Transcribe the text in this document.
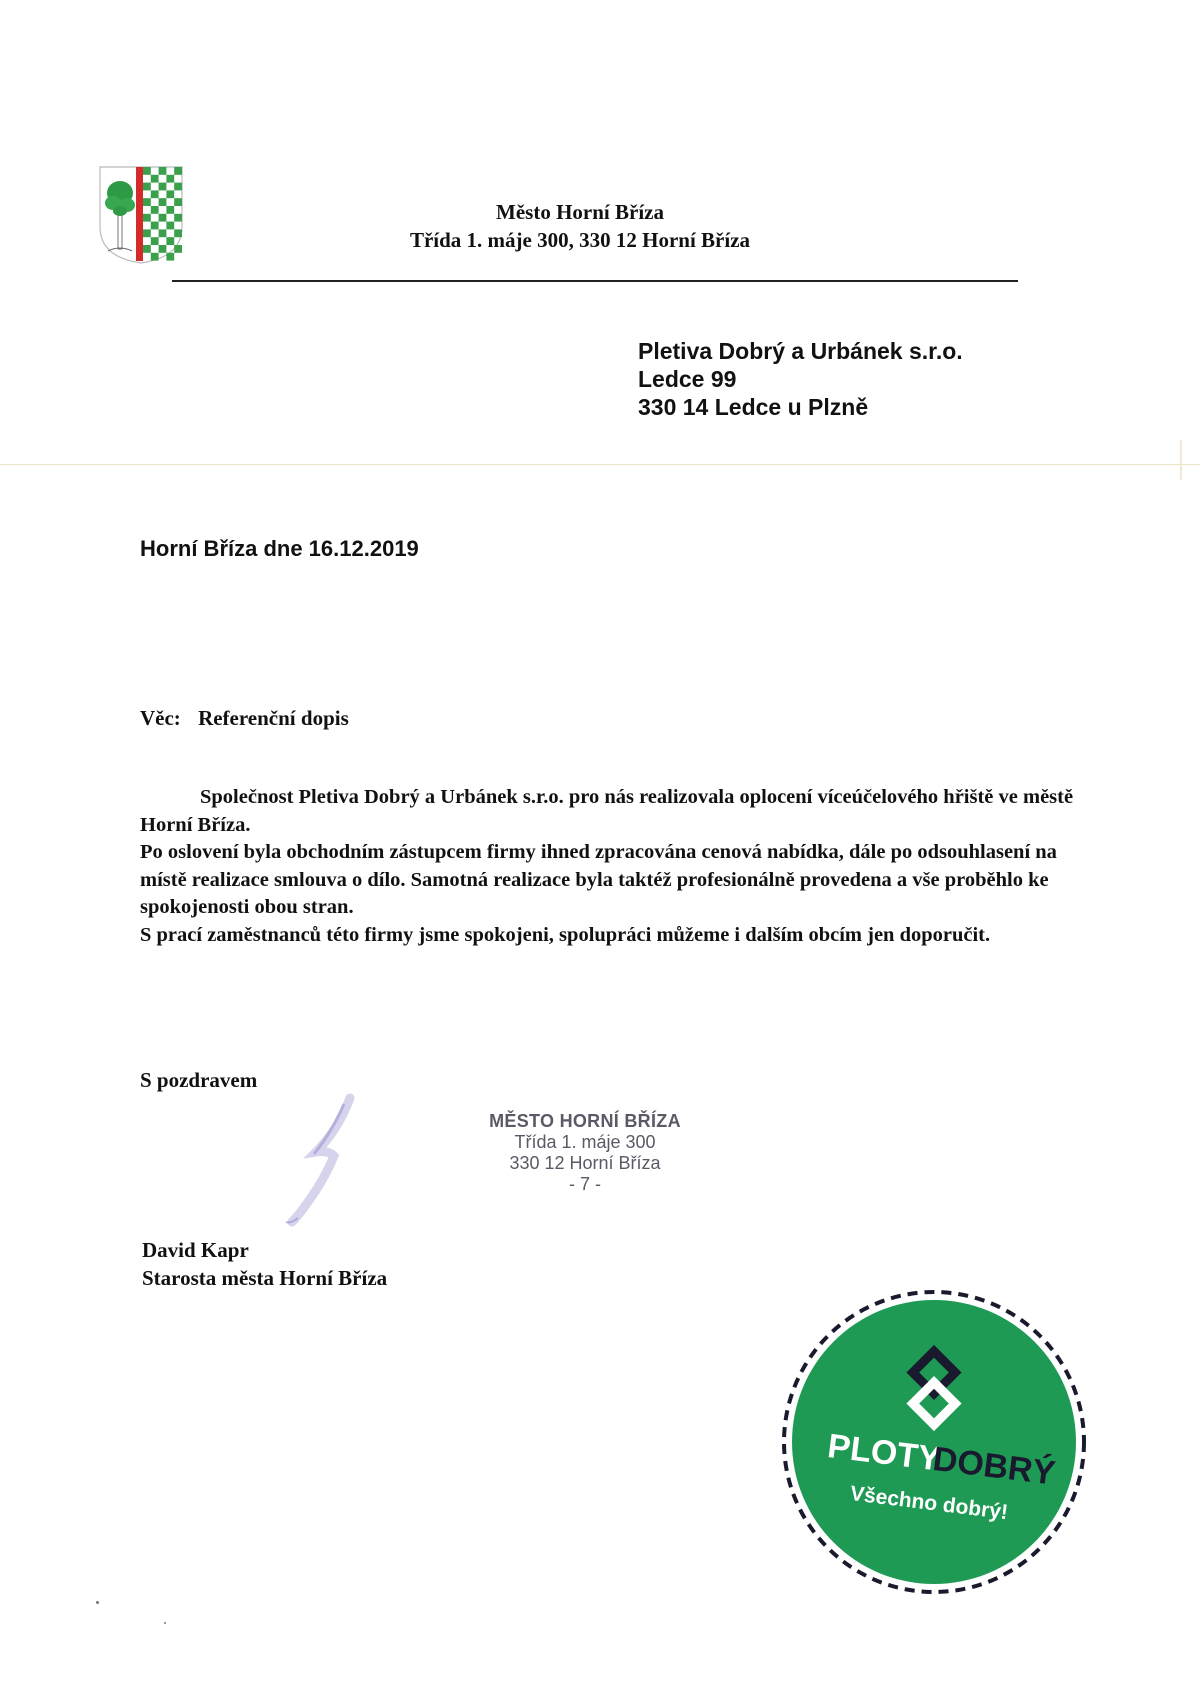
Město Horní Bříza
Třída 1. máje 300, 330 12 Horní Bříza
Pletiva Dobrý a Urbánek s.r.o.
Ledce 99
330 14 Ledce u Plzně
Horní Bříza dne 16.12.2019
Věc: Referenční dopis

Společnost Pletiva Dobrý a Urbánek s.r.o. pro nás realizovala oplocení víceúčelového hřiště ve městě Horní Bříza.

Po oslovení byla obchodním zástupcem firmy ihned zpracována cenová nabídka, dále po odsouhlasení na místě realizace smlouva o dílo. Samotná realizace byla taktéž profesionálně provedena a vše proběhlo ke spokojenosti obou stran.

S prací zaměstnanců této firmy jsme spokojeni, spolupráci můžeme i dalším obcím jen doporučit.

S pozdravem
MĚSTO HORNÍ BŘÍZA
Třída 1. máje 300
330 12 Horní Bříza
- 7 -
David Kapr
Starosta města Horní Bříza
PLOTY
DOBRÝ
Všechno dobrý!
